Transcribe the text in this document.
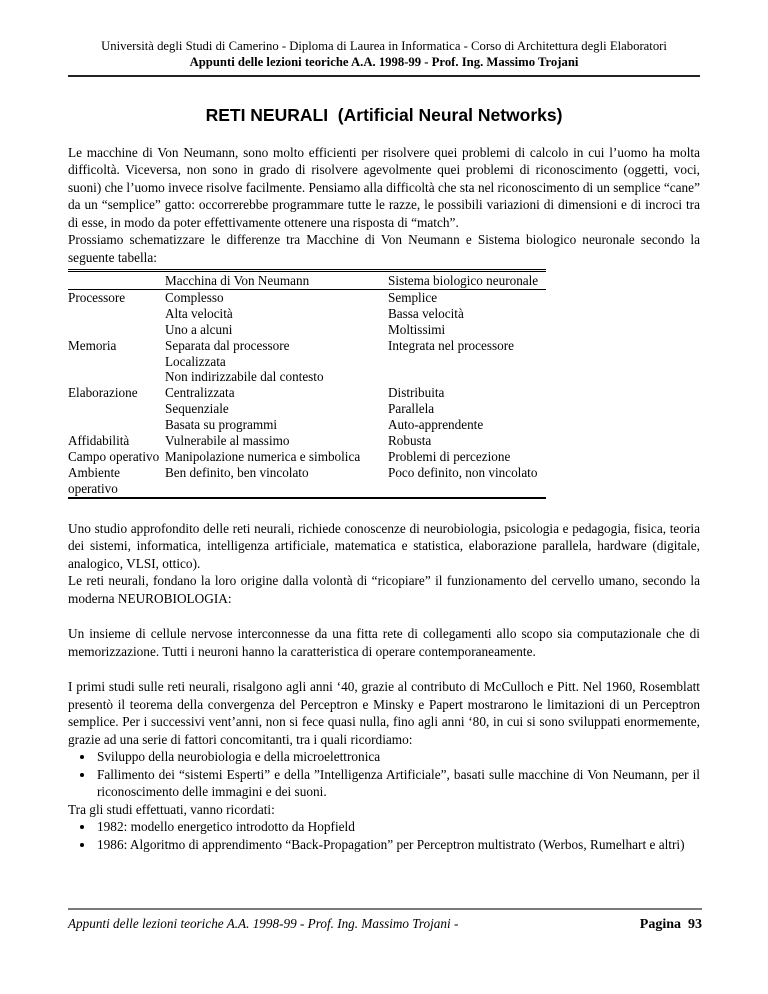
Università degli Studi di Camerino - Diploma di Laurea in Informatica - Corso di Architettura degli Elaboratori
Appunti delle lezioni teoriche A.A. 1998-99 - Prof. Ing. Massimo Trojani
RETI NEURALI  (Artificial Neural Networks)

Le macchine di Von Neumann, sono molto efficienti per risolvere quei problemi di calcolo in cui l’uomo ha molta difficoltà. Viceversa, non sono in grado di risolvere agevolmente quei problemi di riconoscimento (oggetti, voci, suoni) che l’uomo invece risolve facilmente. Pensiamo alla difficoltà che sta nel riconoscimento di un semplice “cane” da un “semplice” gatto: occorrerebbe programmare tutte le razze, le possibili variazioni di dimensioni e di incroci tra di esse, in modo da poter effettivamente ottenere una risposta di “match”.

Prossiamo schematizzare le differenze tra Macchine di Von Neumann e Sistema biologico neuronale secondo la seguente tabella:

	Macchina di Von Neumann	Sistema biologico neuronale
Processore	Complesso	Semplice
	Alta velocità	Bassa velocità
	Uno a alcuni	Moltissimi
Memoria	Separata dal processore	Integrata nel processore
	Localizzata	
	Non indirizzabile dal contesto	
Elaborazione	Centralizzata	Distribuita
	Sequenziale	Parallela
	Basata su programmi	Auto-apprendente
Affidabilità	Vulnerabile al massimo	Robusta
Campo operativo	Manipolazione numerica e simbolica	Problemi di percezione
Ambiente operativo	Ben definito, ben vincolato	Poco definito, non vincolato

Uno studio approfondito delle reti neurali, richiede conoscenze di neurobiologia, psicologia e pedagogia, fisica, teoria dei sistemi, informatica, intelligenza artificiale, matematica e statistica, elaborazione parallela, hardware (digitale, analogico, VLSI, ottico).

Le reti neurali, fondano la loro origine dalla volontà di “ricopiare” il funzionamento del cervello umano, secondo la moderna NEUROBIOLOGIA:

Un insieme di cellule nervose interconnesse da una fitta rete di collegamenti allo scopo sia computazionale che di memorizzazione. Tutti i neuroni hanno la caratteristica di operare contemporaneamente.

I primi studi sulle reti neurali, risalgono agli anni ‘40, grazie al contributo di McCulloch e Pitt. Nel 1960, Rosemblatt presentò il teorema della convergenza del Perceptron e Minsky e Papert mostrarono le limitazioni di un Perceptron semplice. Per i successivi vent’anni, non si fece quasi nulla, fino agli anni ‘80, in cui si sono sviluppati enormemente, grazie ad una serie di fattori concomitanti, tra i quali ricordiamo:

• Sviluppo della neurobiologia e della microelettronica
• Fallimento dei “sistemi Esperti” e della ”Intelligenza Artificiale”, basati sulle macchine di Von Neumann, per il riconoscimento delle immagini e dei suoni.

Tra gli studi effettuati, vanno ricordati:

• 1982: modello energetico introdotto da Hopfield
• 1986: Algoritmo di apprendimento “Back-Propagation” per Perceptron multistrato (Werbos, Rumelhart e altri)
Appunti delle lezioni teoriche A.A. 1998-99 - Prof. Ing. Massimo Trojani -	Pagina  93
